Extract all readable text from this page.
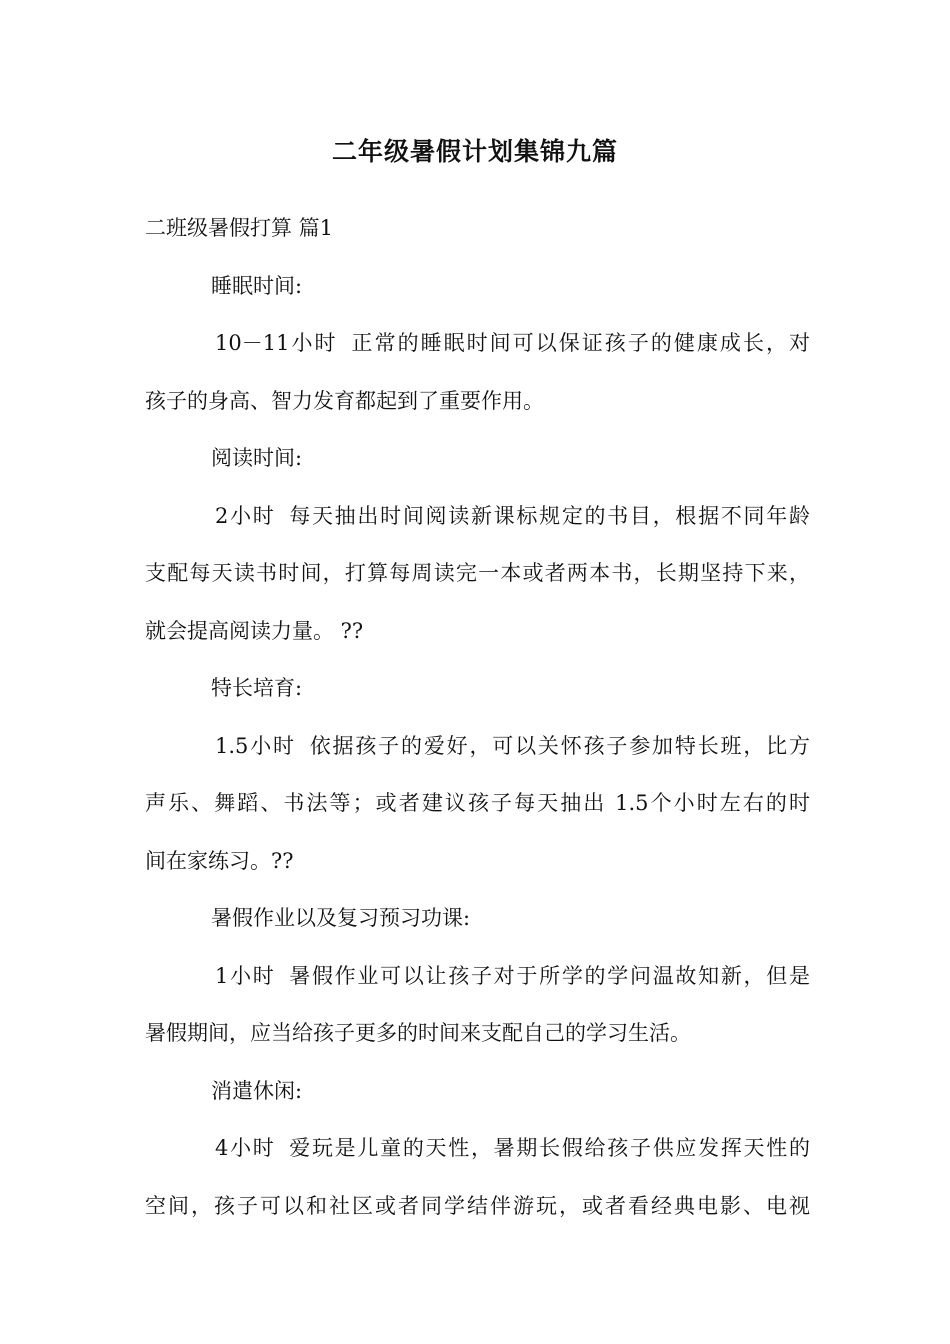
二年级暑假计划集锦九篇
二班级暑假打算 篇1
睡眠时间:
10－11小时 正常的睡眠时间可以保证孩子的健康成长，对
孩子的身高、智力发育都起到了重要作用。
阅读时间:
2小时 每天抽出时间阅读新课标规定的书目，根据不同年龄
支配每天读书时间，打算每周读完一本或者两本书，长期坚持下来，
就会提高阅读力量。 ??
特长培育:
1.5小时 依据孩子的爱好，可以关怀孩子参加特长班，比方
声乐、舞蹈、书法等；或者建议孩子每天抽出 1.5个小时左右的时
间在家练习。??
暑假作业以及复习预习功课:
1小时 暑假作业可以让孩子对于所学的学问温故知新，但是
暑假期间，应当给孩子更多的时间来支配自己的学习生活。
消遣休闲:
4小时 爱玩是儿童的天性，暑期长假给孩子供应发挥天性的
空间，孩子可以和社区或者同学结伴游玩，或者看经典电影、电视
